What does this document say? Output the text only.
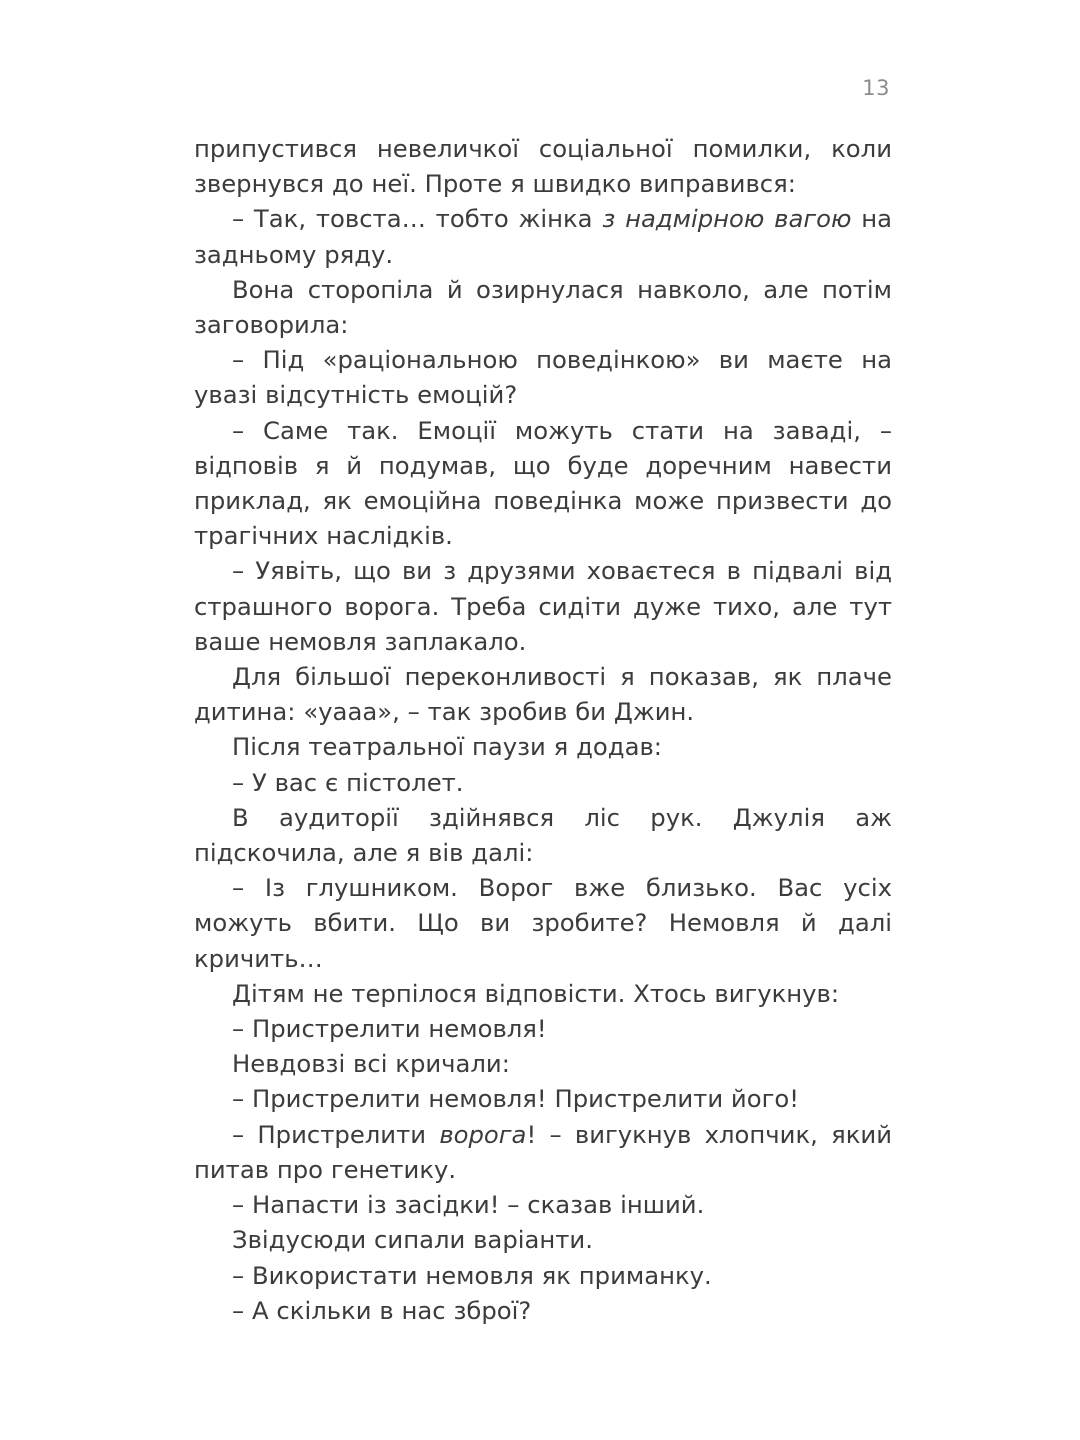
13

припустився невеличкої соціальної помилки, коли звернувся до неї. Проте я швидко виправився:

– Так, товста… тобто жінка з надмірною вагою на задньому ряду.

Вона сторопіла й озирнулася навколо, але потім заговорила:

– Під «раціональною поведінкою» ви маєте на увазі відсутність емоцій?

– Саме так. Емоції можуть стати на заваді, – відповів я й подумав, що буде доречним навести приклад, як емоційна поведінка може призвести до трагічних наслідків.

– Уявіть, що ви з друзями ховаєтеся в підвалі від страшного ворога. Треба сидіти дуже тихо, але тут ваше немовля заплакало.

Для більшої переконливості я показав, як плаче дитина: «уааа», – так зробив би Джин.

Після театральної паузи я додав:

– У вас є пістолет.

В аудиторії здійнявся ліс рук. Джулія аж підскочила, але я вів далі:

– Із глушником. Ворог вже близько. Вас усіх можуть вбити. Що ви зробите? Немовля й далі кричить…

Дітям не терпілося відповісти. Хтось вигукнув:

– Пристрелити немовля!

Невдовзі всі кричали:

– Пристрелити немовля! Пристрелити його!

– Пристрелити ворога! – вигукнув хлопчик, який питав про генетику.

– Напасти із засідки! – сказав інший.

Звідусюди сипали варіанти.

– Використати немовля як приманку.

– А скільки в нас зброї?
